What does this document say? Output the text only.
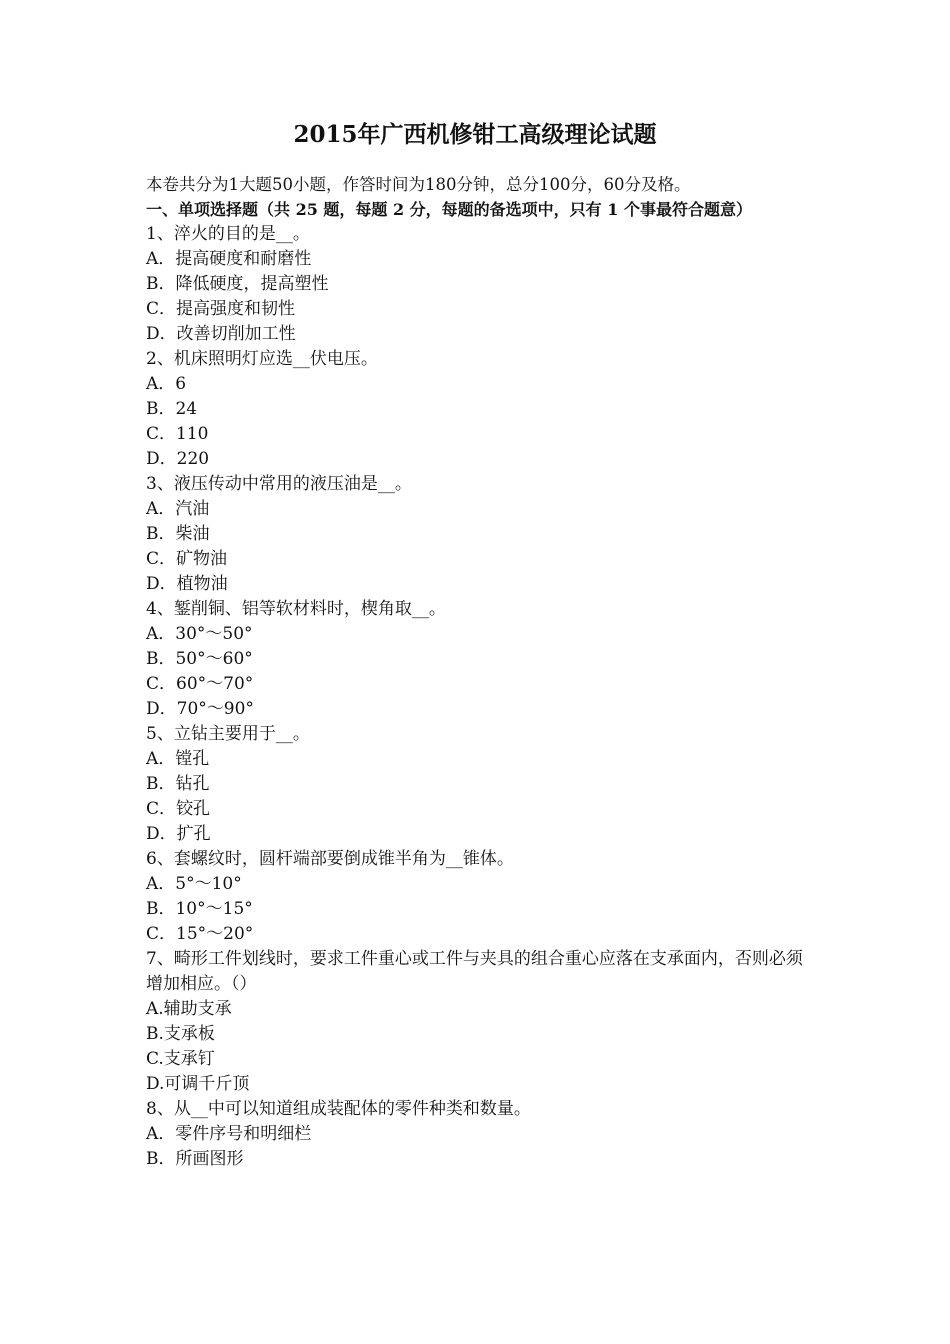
2015年广西机修钳工高级理论试题
本卷共分为1大题50小题，作答时间为180分钟，总分100分，60分及格。
一、单项选择题（共 25 题，每题 2 分，每题的备选项中，只有 1 个事最符合题意）
1、淬火的目的是__。
A．提高硬度和耐磨性
B．降低硬度，提高塑性
C．提高强度和韧性
D．改善切削加工性
2、机床照明灯应选__伏电压。
A．6
B．24
C．110
D．220
3、液压传动中常用的液压油是__。
A．汽油
B．柴油
C．矿物油
D．植物油
4、錾削铜、铝等软材料时，楔角取__。
A．30°～50°
B．50°～60°
C．60°～70°
D．70°～90°
5、立钻主要用于__。
A．镗孔
B．钻孔
C．铰孔
D．扩孔
6、套螺纹时，圆杆端部要倒成锥半角为__锥体。
A．5°～10°
B．10°～15°
C．15°～20°
7、畸形工件划线时，要求工件重心或工件与夹具的组合重心应落在支承面内，否则必须增加相应。（）
A.辅助支承
B.支承板
C.支承钉
D.可调千斤顶
8、从__中可以知道组成装配体的零件种类和数量。
A．零件序号和明细栏
B．所画图形
